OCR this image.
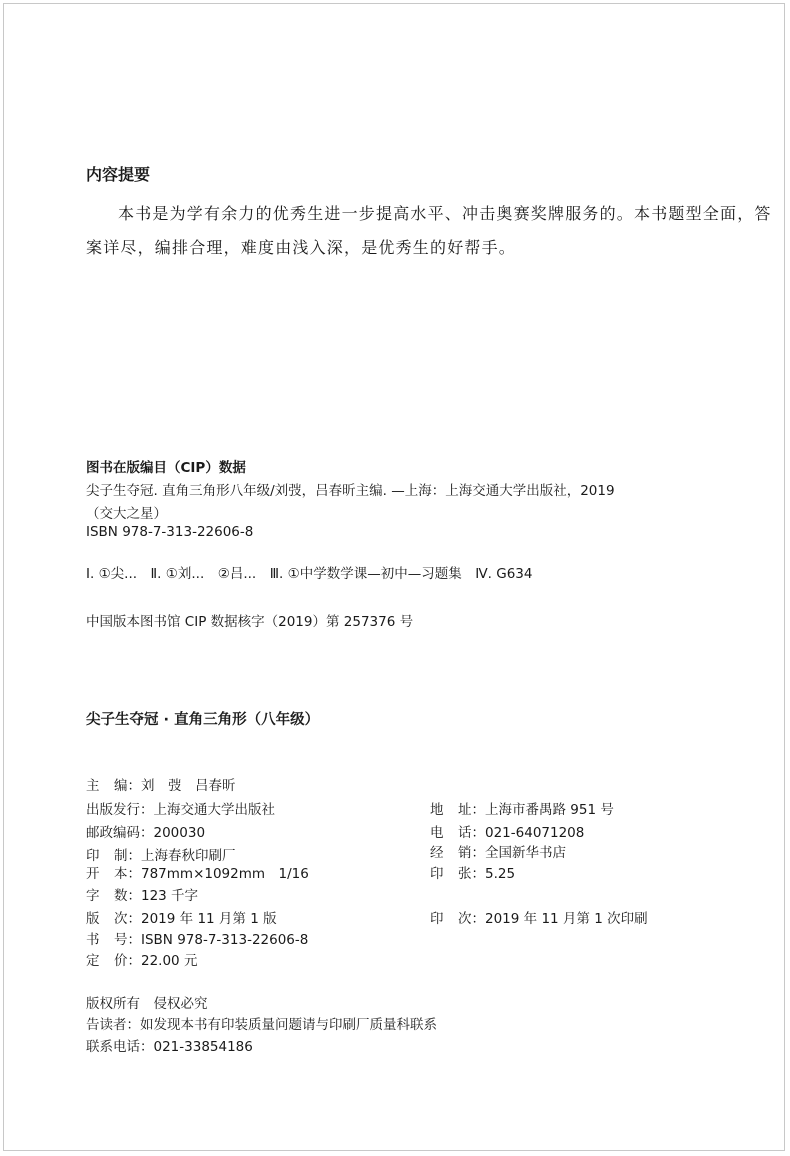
内容提要
本书是为学有余力的优秀生进一步提高水平、冲击奥赛奖牌服务的。本书题型全面，答案详尽，编排合理，难度由浅入深，是优秀生的好帮手。
图书在版编目（CIP）数据
尖子生夺冠. 直角三角形八年级/刘弢，吕春昕主编. —上海：上海交通大学出版社，2019
（交大之星）
ISBN 978-7-313-22606-8
Ⅰ. ①尖...　Ⅱ. ①刘...　②吕...　Ⅲ. ①中学数学课—初中—习题集　Ⅳ. G634
中国版本图书馆 CIP 数据核字（2019）第 257376 号
尖子生夺冠 · 直角三角形（八年级）
主 编：刘　弢　吕春昕
出版发行：上海交通大学出版社
邮政编码：200030
印 制：上海春秋印刷厂
开 本：787mm×1092mm　1/16
字 数：123 千字
版 次：2019 年 11 月第 1 版
书 号：ISBN 978-7-313-22606-8
定 价：22.00 元
地 址：上海市番禺路 951 号
电 话：021-64071208
经 销：全国新华书店
印 张：5.25
印 次：2019 年 11 月第 1 次印刷
版权所有　侵权必究
告读者：如发现本书有印装质量问题请与印刷厂质量科联系
联系电话：021-33854186
